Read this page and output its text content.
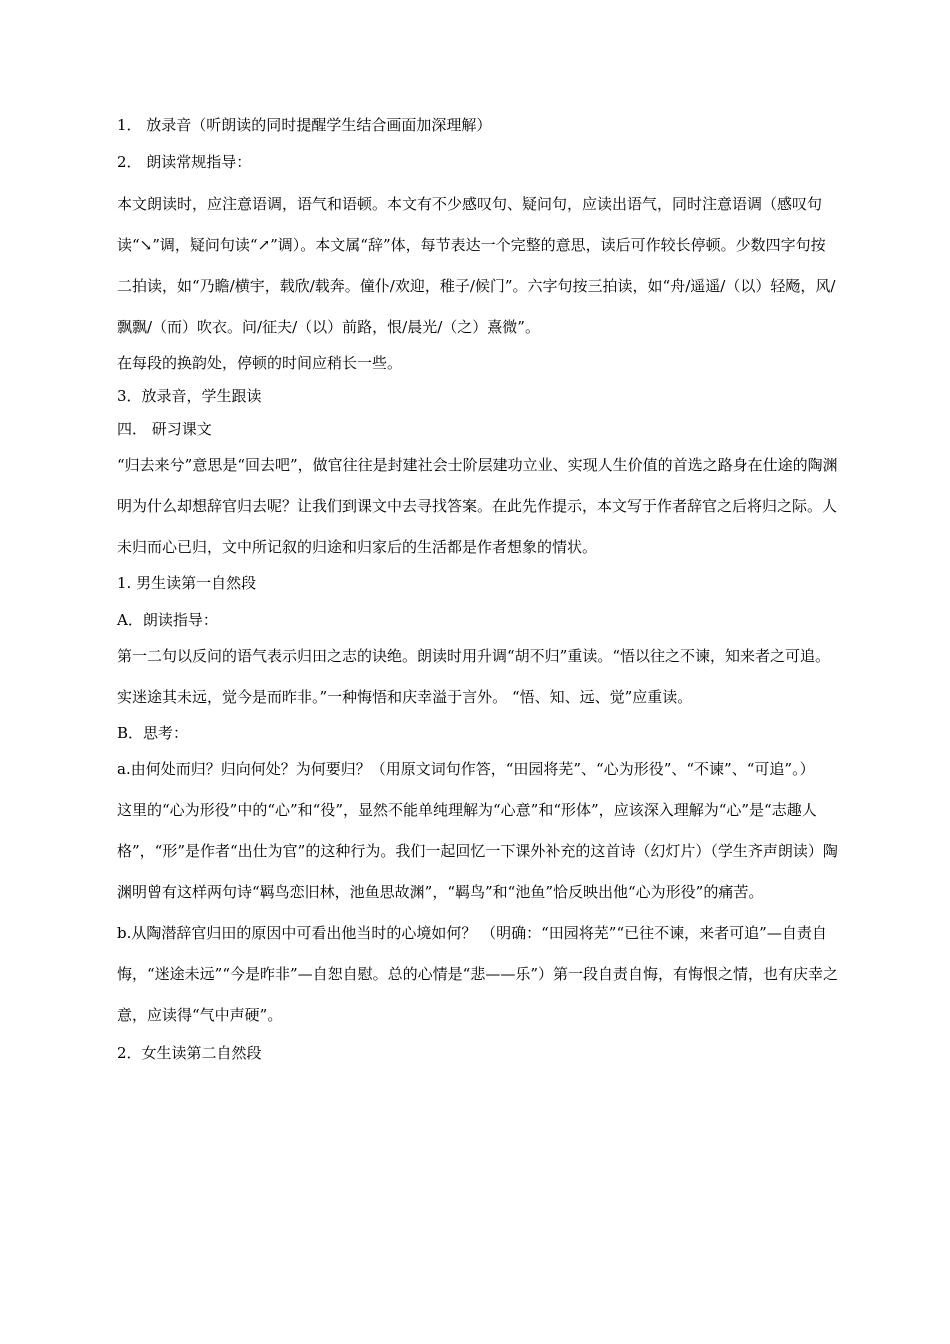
1． 放录音（听朗读的同时提醒学生结合画面加深理解）

2． 朗读常规指导：

本文朗读时，应注意语调，语气和语顿。本文有不少感叹句、疑问句，应读出语气，同时注意语调（感叹句读“↘”调，疑问句读“↗”调）。本文属“辞”体，每节表达一个完整的意思，读后可作较长停顿。少数四字句按二拍读，如“乃瞻/横宇，载欣/载奔。僮仆/欢迎，稚子/候门”。六字句按三拍读，如“舟/遥遥/（以）轻飏，风/飘飘/（而）吹衣。问/征夫/（以）前路，恨/晨光/（之）熹微”。

在每段的换韵处，停顿的时间应稍长一些。

3．放录音，学生跟读

四． 研习课文

“归去来兮”意思是“回去吧”，做官往往是封建社会士阶层建功立业、实现人生价值的首选之路身在仕途的陶渊明为什么却想辞官归去呢？让我们到课文中去寻找答案。在此先作提示，本文写于作者辞官之后将归之际。人未归而心已归，文中所记叙的归途和归家后的生活都是作者想象的情状。

1. 男生读第一自然段

A．朗读指导：

第一二句以反问的语气表示归田之志的诀绝。朗读时用升调“胡不归”重读。“悟以往之不谏，知来者之可追。实迷途其未远，觉今是而昨非。”一种悔悟和庆幸溢于言外。 “悟、知、远、觉”应重读。

B．思考：

a.由何处而归？归向何处？为何要归？（用原文词句作答，“田园将芜”、“心为形役”、“不谏”、“可追”。）

这里的“心为形役”中的“心”和“役”，显然不能单纯理解为“心意”和“形体”，应该深入理解为“心”是“志趣人格”，“形”是作者“出仕为官”的这种行为。我们一起回忆一下课外补充的这首诗（幻灯片）（学生齐声朗读）陶渊明曾有这样两句诗“羁鸟恋旧林，池鱼思故渊”，“羁鸟”和“池鱼”恰反映出他“心为形役”的痛苦。

b.从陶潜辞官归田的原因中可看出他当时的心境如何？ （明确：“田园将芜”“已往不谏，来者可追”—自责自悔，“迷途未远”“今是昨非”—自恕自慰。总的心情是“悲——乐”）第一段自责自悔，有悔恨之情，也有庆幸之意，应读得“气中声硬”。

2．女生读第二自然段
